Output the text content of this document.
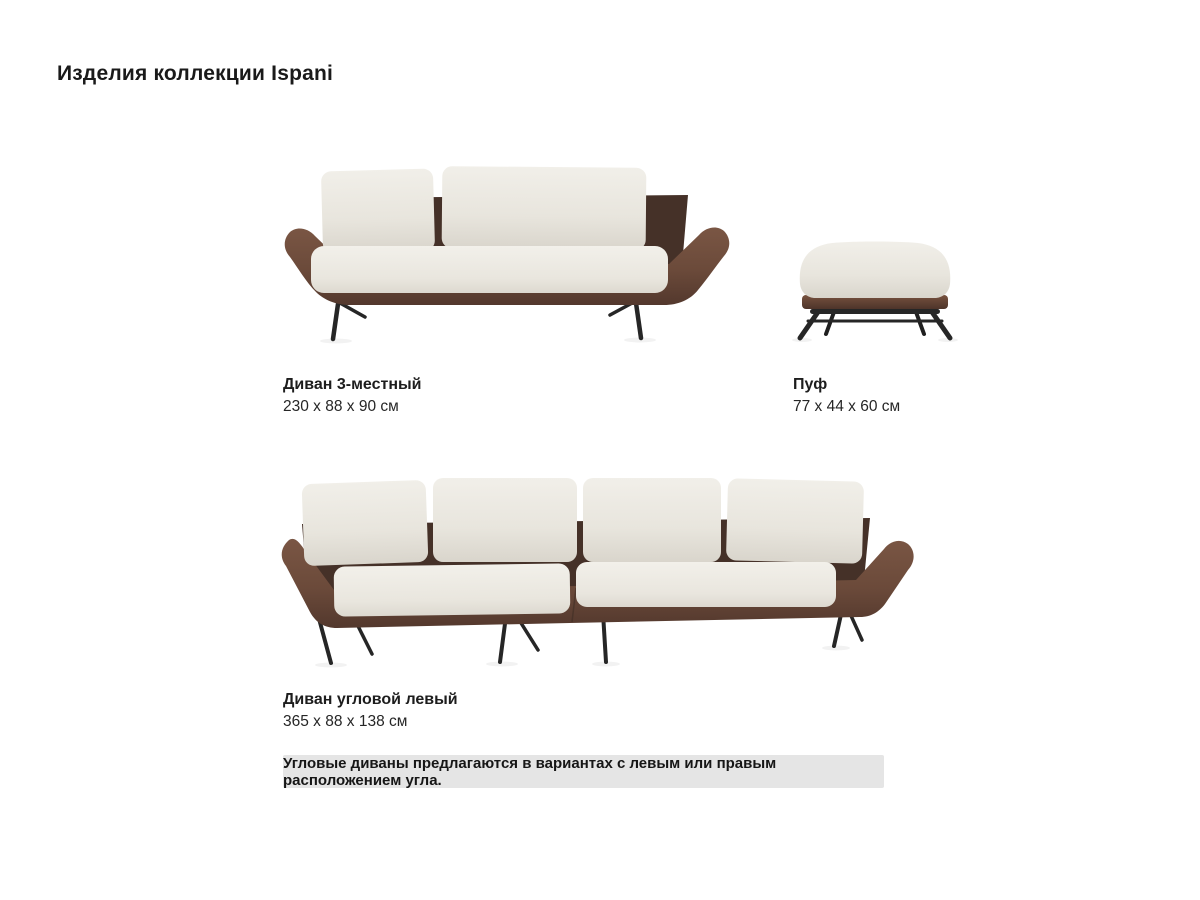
Изделия коллекции Ispani
Диван 3-местный
230 x 88 x 90 см
Пуф
77 x 44 x 60 см
Диван угловой левый
365 x 88 x 138 см
Угловые диваны предлагаются в вариантах с левым или правым расположением угла.
